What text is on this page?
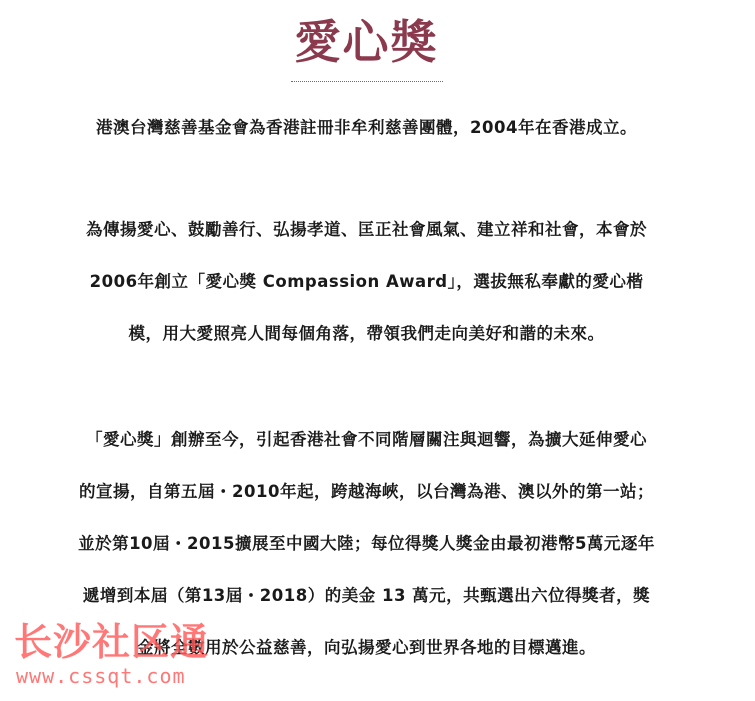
愛心獎
港澳台灣慈善基金會為香港註冊非牟利慈善團體，2004年在香港成立。
為傳揚愛心、鼓勵善行、弘揚孝道、匡正社會風氣、建立祥和社會，本會於
2006年創立「愛心獎 Compassion Award」，選拔無私奉獻的愛心楷
模，用大愛照亮人間每個角落，帶領我們走向美好和諧的未來。
「愛心獎」創辦至今，引起香港社會不同階層關注與迴響，為擴大延伸愛心
的宣揚，自第五屆・2010年起，跨越海峽，以台灣為港、澳以外的第一站；
並於第10屆・2015擴展至中國大陸；每位得獎人獎金由最初港幣5萬元逐年
遞增到本屆（第13屆・2018）的美金 13 萬元，共甄選出六位得獎者，獎
金將全數用於公益慈善，向弘揚愛心到世界各地的目標邁進。
长沙社区通
www.cssqt.com
